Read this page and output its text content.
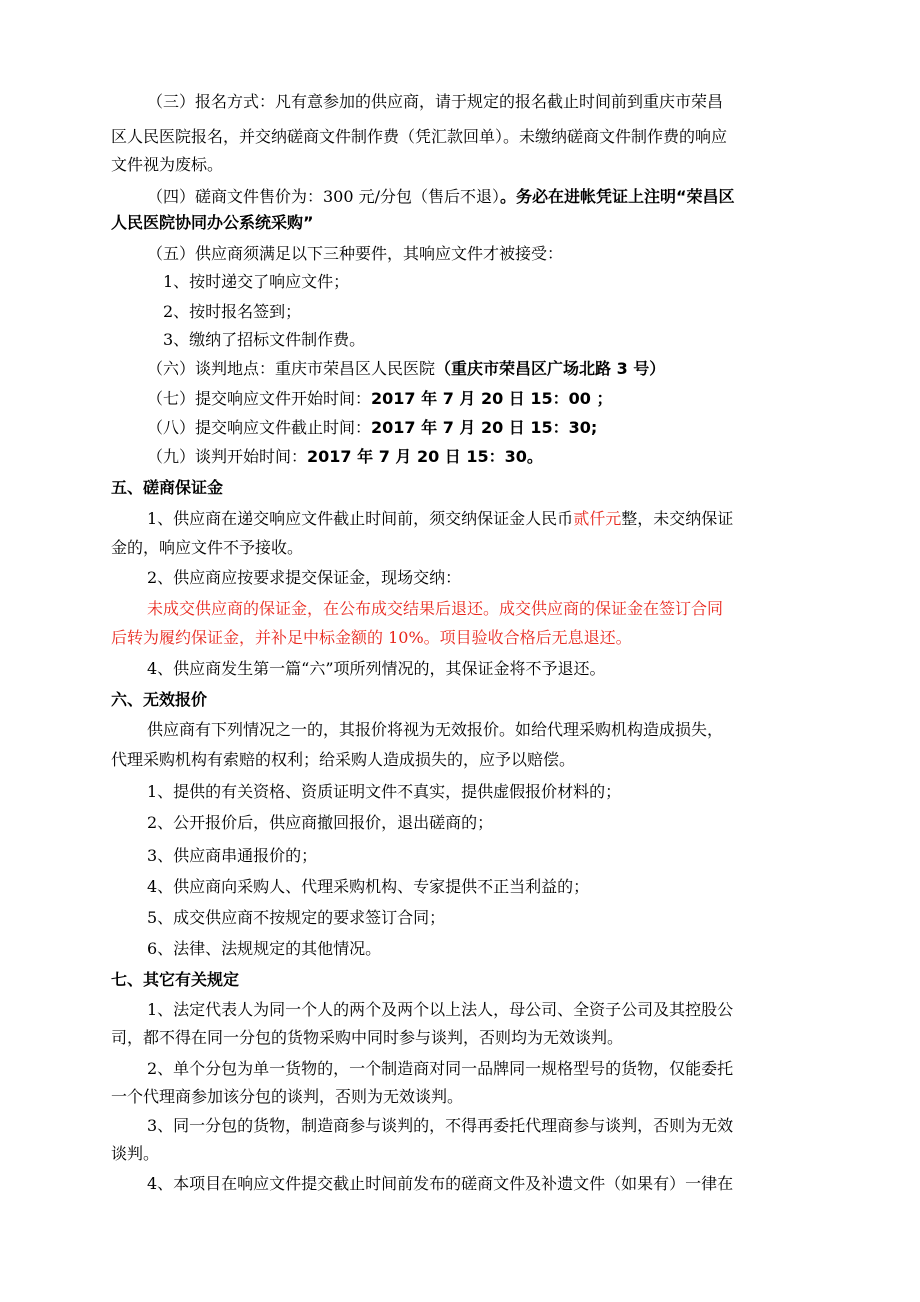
（三）报名方式：凡有意参加的供应商，请于规定的报名截止时间前到重庆市荣昌
区人民医院报名，并交纳磋商文件制作费（凭汇款回单）。未缴纳磋商文件制作费的响应
文件视为废标。
（四）磋商文件售价为：300 元/分包（售后不退）。务必在进帐凭证上注明“荣昌区
人民医院协同办公系统采购”
（五）供应商须满足以下三种要件，其响应文件才被接受：
1、按时递交了响应文件；
2、按时报名签到；
3、缴纳了招标文件制作费。
（六）谈判地点：重庆市荣昌区人民医院（重庆市荣昌区广场北路 3 号）
（七）提交响应文件开始时间：2017 年 7 月 20 日 15：00 ；
（八）提交响应文件截止时间：2017 年 7 月 20 日 15：30;
（九）谈判开始时间：2017 年 7 月 20 日 15：30。
五、磋商保证金
1、供应商在递交响应文件截止时间前，须交纳保证金人民币贰仟元整，未交纳保证
金的，响应文件不予接收。
2、供应商应按要求提交保证金，现场交纳：
未成交供应商的保证金，在公布成交结果后退还。成交供应商的保证金在签订合同
后转为履约保证金，并补足中标金额的 10%。项目验收合格后无息退还。
4、供应商发生第一篇“六”项所列情况的，其保证金将不予退还。
六、无效报价
供应商有下列情况之一的，其报价将视为无效报价。如给代理采购机构造成损失，
代理采购机构有索赔的权利；给采购人造成损失的，应予以赔偿。
1、提供的有关资格、资质证明文件不真实，提供虚假报价材料的；
2、公开报价后，供应商撤回报价，退出磋商的；
3、供应商串通报价的；
4、供应商向采购人、代理采购机构、专家提供不正当利益的；
5、成交供应商不按规定的要求签订合同；
6、法律、法规规定的其他情况。
七、其它有关规定
1、法定代表人为同一个人的两个及两个以上法人，母公司、全资子公司及其控股公
司，都不得在同一分包的货物采购中同时参与谈判，否则均为无效谈判。
2、单个分包为单一货物的，一个制造商对同一品牌同一规格型号的货物，仅能委托
一个代理商参加该分包的谈判，否则为无效谈判。
3、同一分包的货物，制造商参与谈判的，不得再委托代理商参与谈判，否则为无效
谈判。
4、本项目在响应文件提交截止时间前发布的磋商文件及补遗文件（如果有）一律在
